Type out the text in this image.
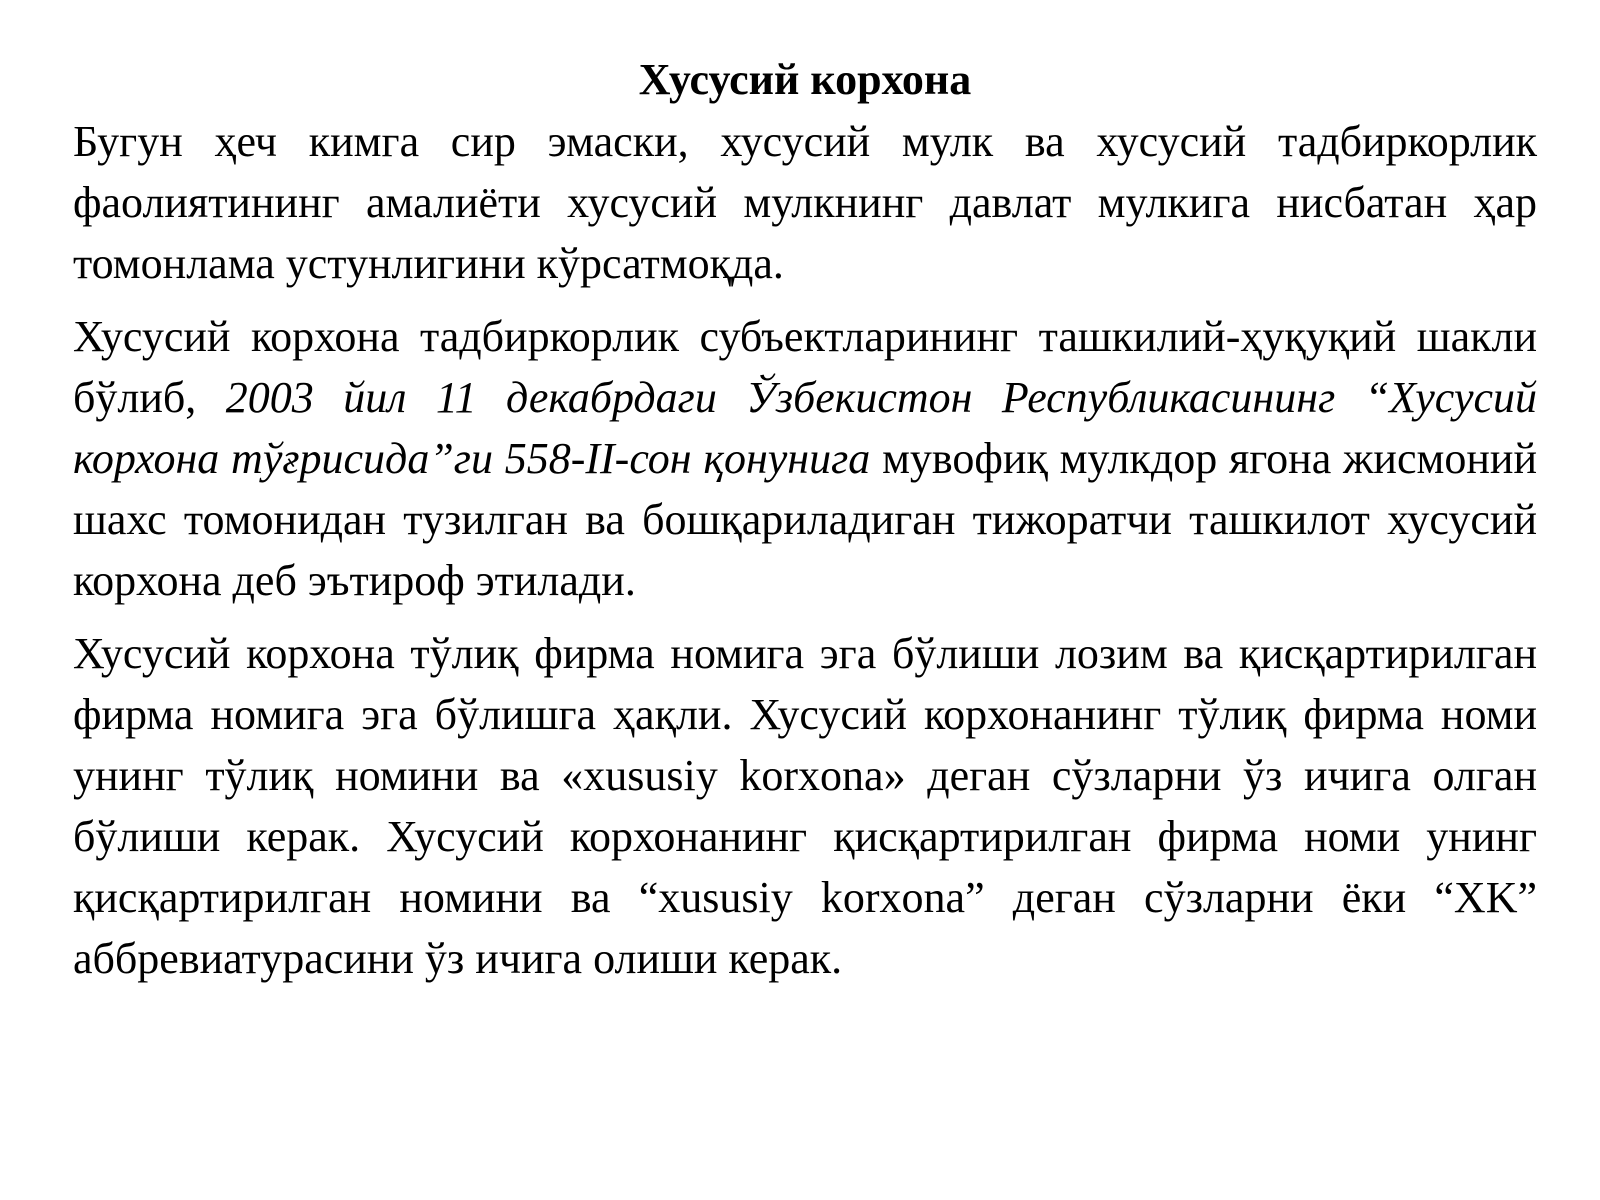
Хусусий корхона

Бугун ҳеч кимга сир эмаски, хусусий мулк ва хусусий тадбиркорлик фаолиятининг амалиёти хусусий мулкнинг давлат мулкига нисбатан ҳар томонлама устунлигини кўрсатмоқда.

Хусусий корхона тадбиркорлик субъектларининг ташкилий-ҳуқуқий шакли бўлиб, 2003 йил 11 декабрдаги Ўзбекистон Республикасининг “Хусусий корхона тўғрисида”ги 558-II-сон қонунига мувофиқ мулкдор ягона жисмоний шахс томонидан тузилган ва бошқариладиган тижоратчи ташкилот хусусий корхона деб эътироф этилади.

Хусусий корхона тўлиқ фирма номига эга бўлиши лозим ва қисқартирилган фирма номига эга бўлишга ҳақли. Хусусий корхонанинг тўлиқ фирма номи унинг тўлиқ номини ва «xususiy korxona» деган сўзларни ўз ичига олган бўлиши керак. Хусусий корхонанинг қисқартирилган фирма номи унинг қисқартирилган номини ва “xususiy korxona” деган сўзларни ёки “XK” аббревиатурасини ўз ичига олиши керак.
